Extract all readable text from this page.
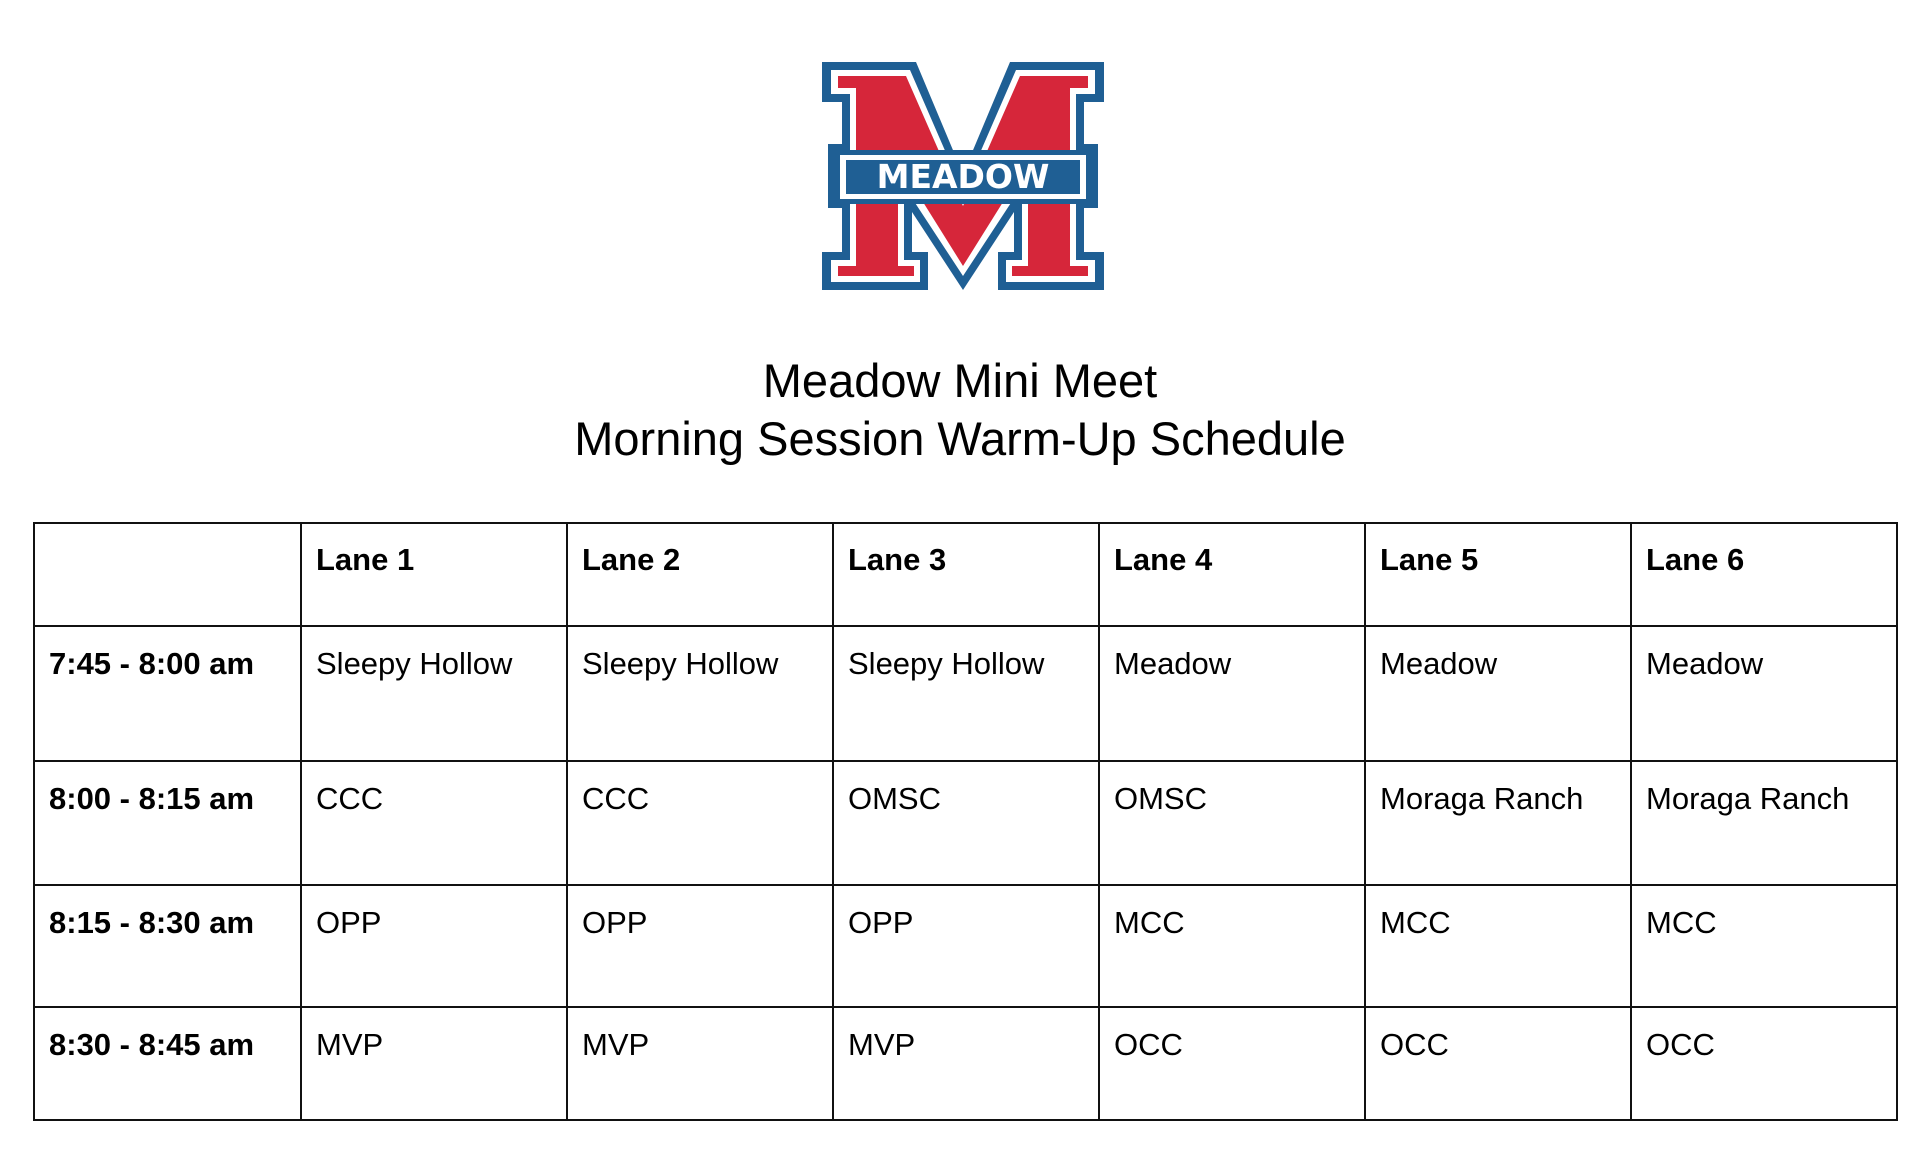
MEADOW
Meadow Mini Meet
Morning Session Warm-Up Schedule
	Lane 1	Lane 2	Lane 3	Lane 4	Lane 5	Lane 6
7:45 - 8:00 am	Sleepy Hollow	Sleepy Hollow	Sleepy Hollow	Meadow	Meadow	Meadow
8:00 - 8:15 am	CCC	CCC	OMSC	OMSC	Moraga Ranch	Moraga Ranch
8:15 - 8:30 am	OPP	OPP	OPP	MCC	MCC	MCC
8:30 - 8:45 am	MVP	MVP	MVP	OCC	OCC	OCC
